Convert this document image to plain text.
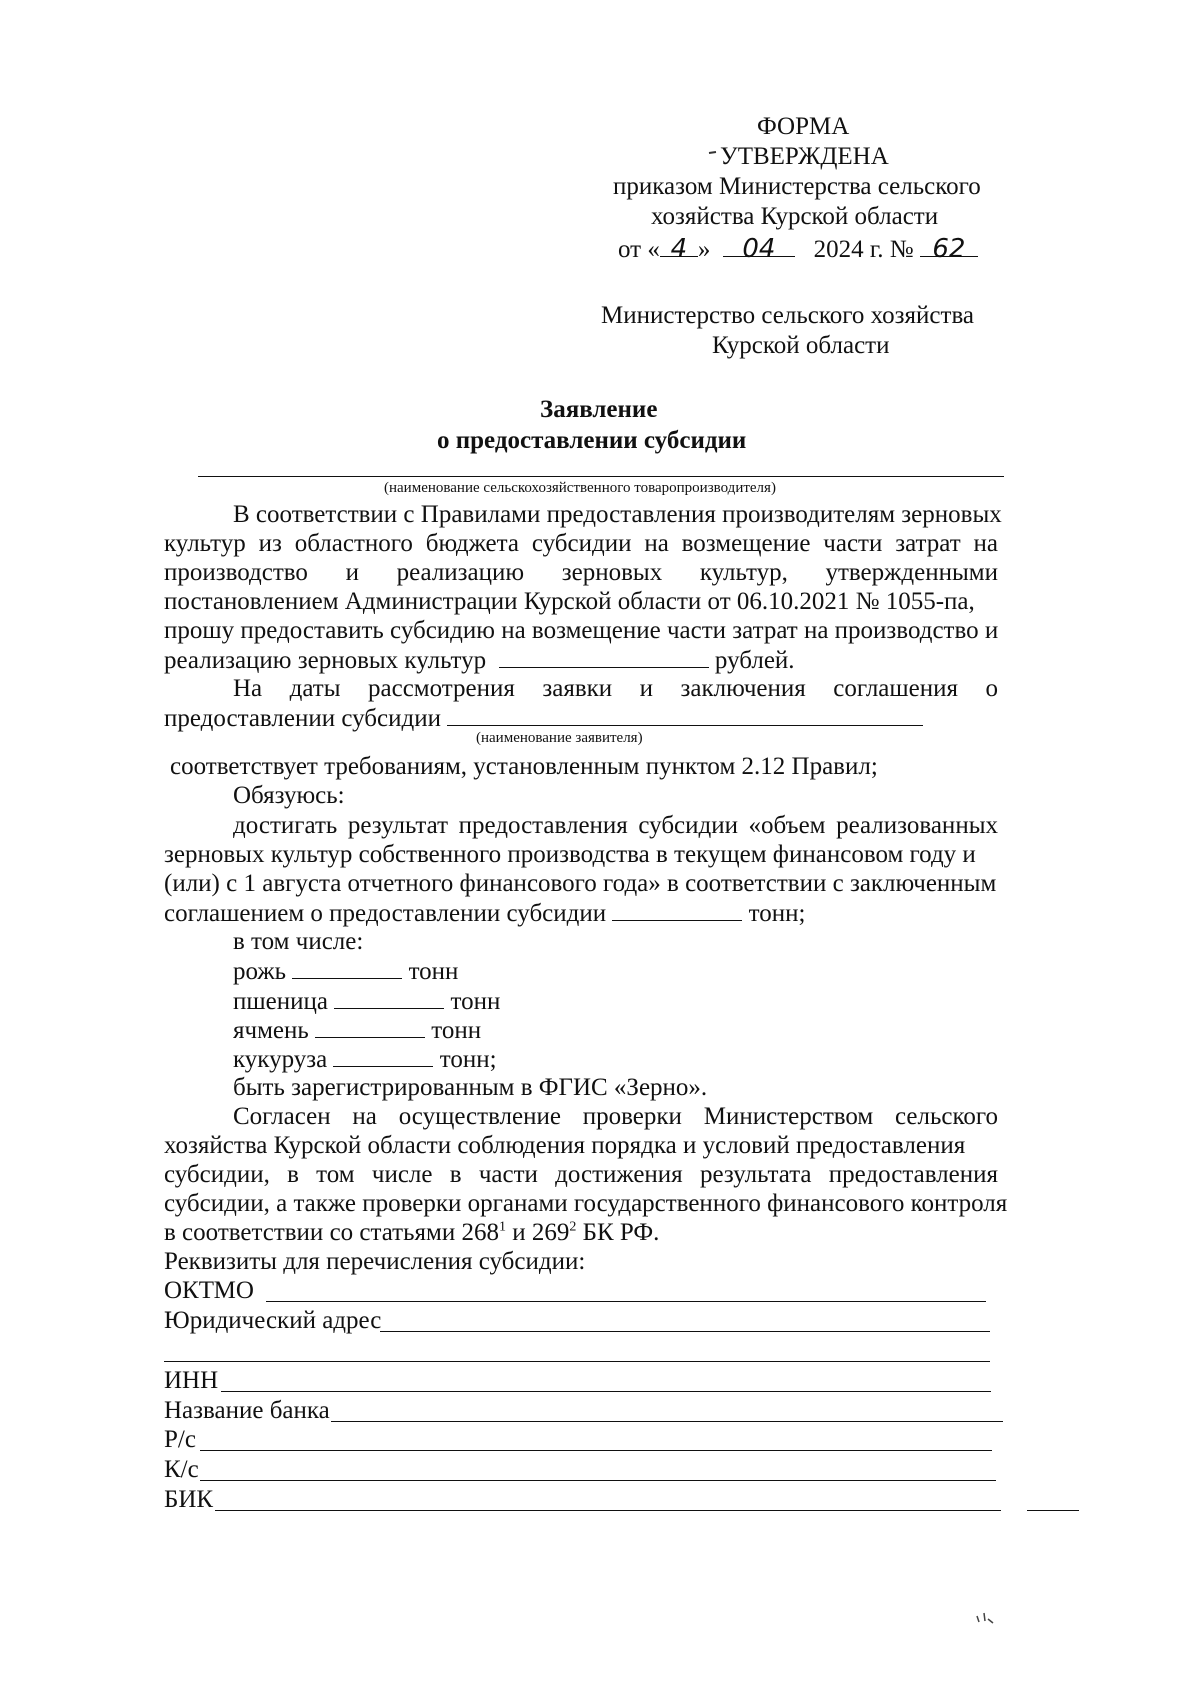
ФОРМА
УТВЕРЖДЕНА
приказом Министерства сельского
хозяйства Курской области
от « 4 » 04 2024 г. № 62
Министерство сельского хозяйства
Курской области
Заявление
о предоставлении субсидии
(наименование сельскохозяйственного товаропроизводителя)
В соответствии с Правилами предоставления производителям зерновых
культур из областного бюджета субсидии на возмещение части затрат на
производство и реализацию зерновых культур, утвержденными
постановлением Администрации Курской области от 06.10.2021 № 1055-па,
прошу предоставить субсидию на возмещение части затрат на производство и
реализацию зерновых культур	рублей.
На даты рассмотрения заявки и заключения соглашения о
предоставлении субсидии
(наименование заявителя)
соответствует требованиям, установленным пунктом 2.12 Правил;
Обязуюсь:
достигать результат предоставления субсидии «объем реализованных
зерновых культур собственного производства в текущем финансовом году и
(или) с 1 августа отчетного финансового года» в соответствии с заключенным
соглашением о предоставлении субсидии	тонн;
в том числе:
рожь	тонн
пшеница	тонн
ячмень	тонн
кукуруза	тонн;
быть зарегистрированным в ФГИС «Зерно».
Согласен на осуществление проверки Министерством сельского
хозяйства Курской области соблюдения порядка и условий предоставления
субсидии, в том числе в части достижения результата предоставления
субсидии, а также проверки органами государственного финансового контроля
в соответствии со статьями $268^1$ и $269^2$ БК РФ.
Реквизиты для перечисления субсидии:
ОКТМО
Юридический адрес
ИНН
Название банка
Р/с
К/с
БИК
